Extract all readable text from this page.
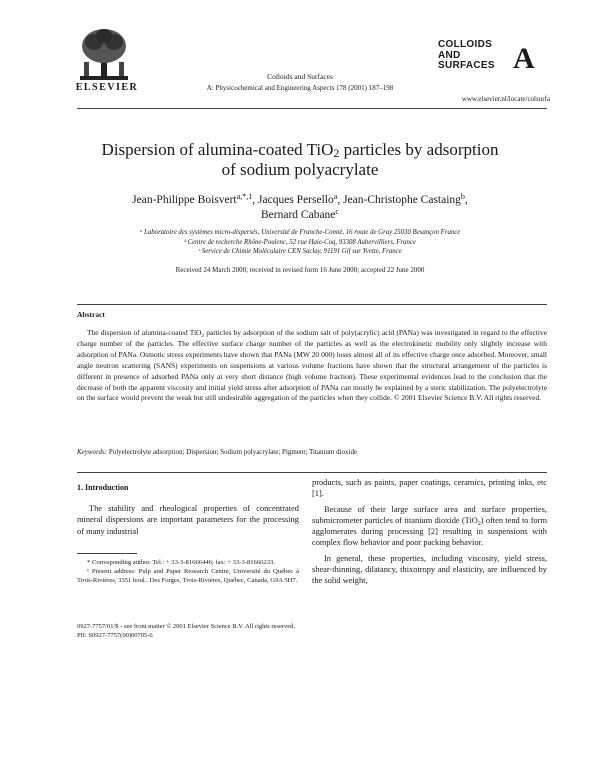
ELSEVIER
Colloids and Surfaces
A: Physicochemical and Engineering Aspects 178 (2001) 187–198
COLLOIDS
AND
SURFACES A
www.elsevier.nl/locate/colsurfa
Dispersion of alumina-coated TiO$_2$ particles by adsorption
of sodium polyacrylate
Jean-Philippe Boisvert$^{a,*,1}$, Jacques Persello$^a$, Jean-Christophe Castaing$^b$,
Bernard Cabane$^c$
ᵃ Laboratoire des systèmes micro-dispersés, Université de Franche-Comté, 16 route de Gray 25030 Besançon France
ᵇ Centre de recherche Rhône-Poulenc, 52 rue Haie-Coq, 93308 Aubervilliers, France
ᶜ Service de Chimie Moléculaire CEN Saclay, 91191 Gif sur Yvette, France
Received 24 March 2000; received in revised form 16 June 2000; accepted 22 June 2000
Abstract
The dispersion of alumina-coated TiO$_2$ particles by adsorption of the sodium salt of poly(acrylic) acid (PANa) was investigated in regard to the effective charge number of the particles. The effective surface charge number of the particles as well as the electrokinetic mobility only slightly increase with adsorption of PANa. Osmotic stress experiments have shown that PANa (MW 20 000) loses almost all of its effective charge once adsorbed. Moreover, small angle neutron scattering (SANS) experiments on suspensions at various volume fractions have shown that the structural arrangement of the particles is different in presence of adsorbed PANa only at very short distance (high volume fraction). These experimental evidences lead to the conclusion that the decrease of both the apparent viscosity and initial yield stress after adsorption of PANa can mostly be explained by a steric stabilization. The polyelectrolyte on the surface would prevent the weak but still undesirable aggregation of the particles when they collide. © 2001 Elsevier Science B.V. All rights reserved.
Keywords: Polyelectrolyte adsorption; Dispersion; Sodium polyacrylate; Pigment; Titanium dioxide
1. Introduction

The stability and rheological properties of concentrated mineral dispersions are important parameters for the processing of many industrial

* Corresponding author. Tel.: + 33-3-81666446; fax: + 33-3-81666233.

¹ Present address: Pulp and Paper Research Centre, Université du Québec à Trois-Rivières, 3351 boul.. Des Forges, Trois-Rivières, Québec, Canada, G9A 5H7.

products, such as paints, paper coatings, ceramics, printing inks, etc [1].

Because of their large surface area and surface properties, submicrometer particles of titanium dioxide (TiO$_2$) often tend to form agglomerates during processing [2] resulting in suspensions with complex flow behavior and poor packing behavior.

In general, these properties, including viscosity, yield stress, shear-thinning, dilatancy, thixotropy and elasticity, are influenced by the solid weight,

0927-7757/01/$ - see front matter © 2001 Elsevier Science B.V. All rights reserved.
PII: S0927-7757(00)00705-6
